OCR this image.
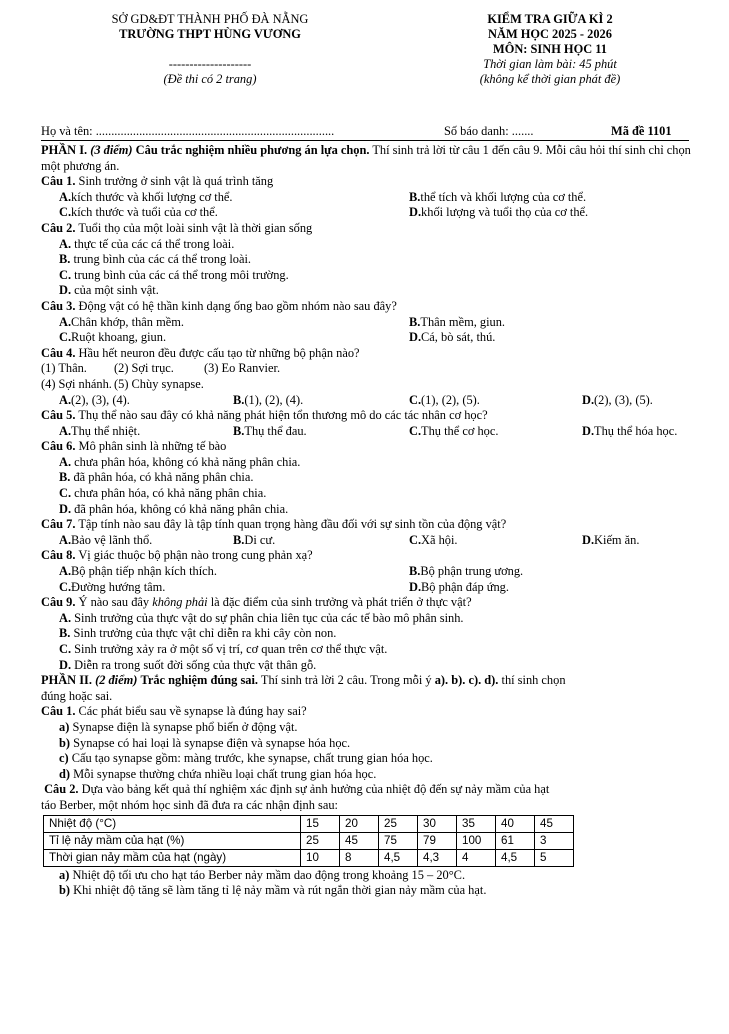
SỞ GD&ĐT THÀNH PHỐ ĐÀ NẴNG
TRƯỜNG THPT HÙNG VƯƠNG
--------------------
(Đề thi có 2 trang)
KIỂM TRA GIỮA KÌ 2
NĂM HỌC 2025 - 2026
MÔN: SINH HỌC 11
Thời gian làm bài: 45 phút
(không kể thời gian phát đề)
Họ và tên: .............................................................................	Số báo danh: .......	Mã đề 1101
PHẦN I. (3 điểm) Câu trắc nghiệm nhiều phương án lựa chọn. Thí sinh trả lời từ câu 1 đến câu 9. Mỗi câu hỏi thí sinh chỉ chọn một phương án.
Câu 1. Sinh trưởng ở sinh vật là quá trình tăng
A. kích thước và khối lượng cơ thể.	B. thể tích và khối lượng của cơ thể.
C. kích thước và tuổi của cơ thể.	D. khối lượng và tuổi thọ của cơ thể.
Câu 2. Tuổi thọ của một loài sinh vật là thời gian sống
A. thực tế của các cá thể trong loài.
B. trung bình của các cá thể trong loài.
C. trung bình của các cá thể trong môi trường.
D. của một sinh vật.
Câu 3. Động vật có hệ thần kinh dạng ống bao gồm nhóm nào sau đây?
A. Chân khớp, thân mềm.	B. Thân mềm, giun.
C. Ruột khoang, giun.	D. Cá, bò sát, thú.
Câu 4. Hầu hết neuron đều được cấu tạo từ những bộ phận nào?
(1) Thân. (2) Sợi trục. (3) Eo Ranvier.
(4) Sợi nhánh. (5) Chùy synapse.
A. (2), (3), (4).	B. (1), (2), (4).	C. (1), (2), (5).	D. (2), (3), (5).
Câu 5. Thụ thể nào sau đây có khả năng phát hiện tổn thương mô do các tác nhân cơ học?
A. Thụ thể nhiệt.	B. Thụ thể đau.	C. Thụ thể cơ học.	D. Thụ thể hóa học.
Câu 6. Mô phân sinh là những tế bào
A. chưa phân hóa, không có khả năng phân chia.
B. đã phân hóa, có khả năng phân chia.
C. chưa phân hóa, có khả năng phân chia.
D. đã phân hóa, không có khả năng phân chia.
Câu 7. Tập tính nào sau đây là tập tính quan trọng hàng đầu đối với sự sinh tồn của động vật?
A. Bảo vệ lãnh thổ.	B. Di cư.	C. Xã hội.	D. Kiếm ăn.
Câu 8. Vị giác thuộc bộ phận nào trong cung phản xạ?
A. Bộ phận tiếp nhận kích thích.	B. Bộ phận trung ương.
C. Đường hướng tâm.	D. Bộ phận đáp ứng.
Câu 9. Ý nào sau đây không phải là đặc điểm của sinh trưởng và phát triển ở thực vật?
A. Sinh trưởng của thực vật do sự phân chia liên tục của các tế bào mô phân sinh.
B. Sinh trưởng của thực vật chỉ diễn ra khi cây còn non.
C. Sinh trưởng xảy ra ở một số vị trí, cơ quan trên cơ thể thực vật.
D. Diễn ra trong suốt đời sống của thực vật thân gỗ.
PHẦN II. (2 điểm) Trắc nghiệm đúng sai. Thí sinh trả lời 2 câu. Trong mỗi ý a). b). c). d). thí sinh chọn
đúng hoặc sai.
Câu 1. Các phát biểu sau về synapse là đúng hay sai?
a) Synapse điện là synapse phổ biến ở động vật.
b) Synapse có hai loại là synapse điện và synapse hóa học.
c) Cấu tạo synapse gồm: màng trước, khe synapse, chất trung gian hóa học.
d) Mỗi synapse thường chứa nhiều loại chất trung gian hóa học.
Câu 2. Dựa vào bảng kết quả thí nghiệm xác định sự ảnh hưởng của nhiệt độ đến sự nảy mầm của hạt
táo Berber, một nhóm học sinh đã đưa ra các nhận định sau:
Nhiệt độ (°C)	15	20	25	30	35	40	45
Tỉ lệ nảy mầm của hạt (%)	25	45	75	79	100	61	3
Thời gian nảy mầm của hạt (ngày)	10	8	4,5	4,3	4	4,5	5
a) Nhiệt độ tối ưu cho hạt táo Berber nảy mầm dao động trong khoảng 15 – 20°C.
b) Khi nhiệt độ tăng sẽ làm tăng tỉ lệ nảy mầm và rút ngắn thời gian nảy mầm của hạt.
